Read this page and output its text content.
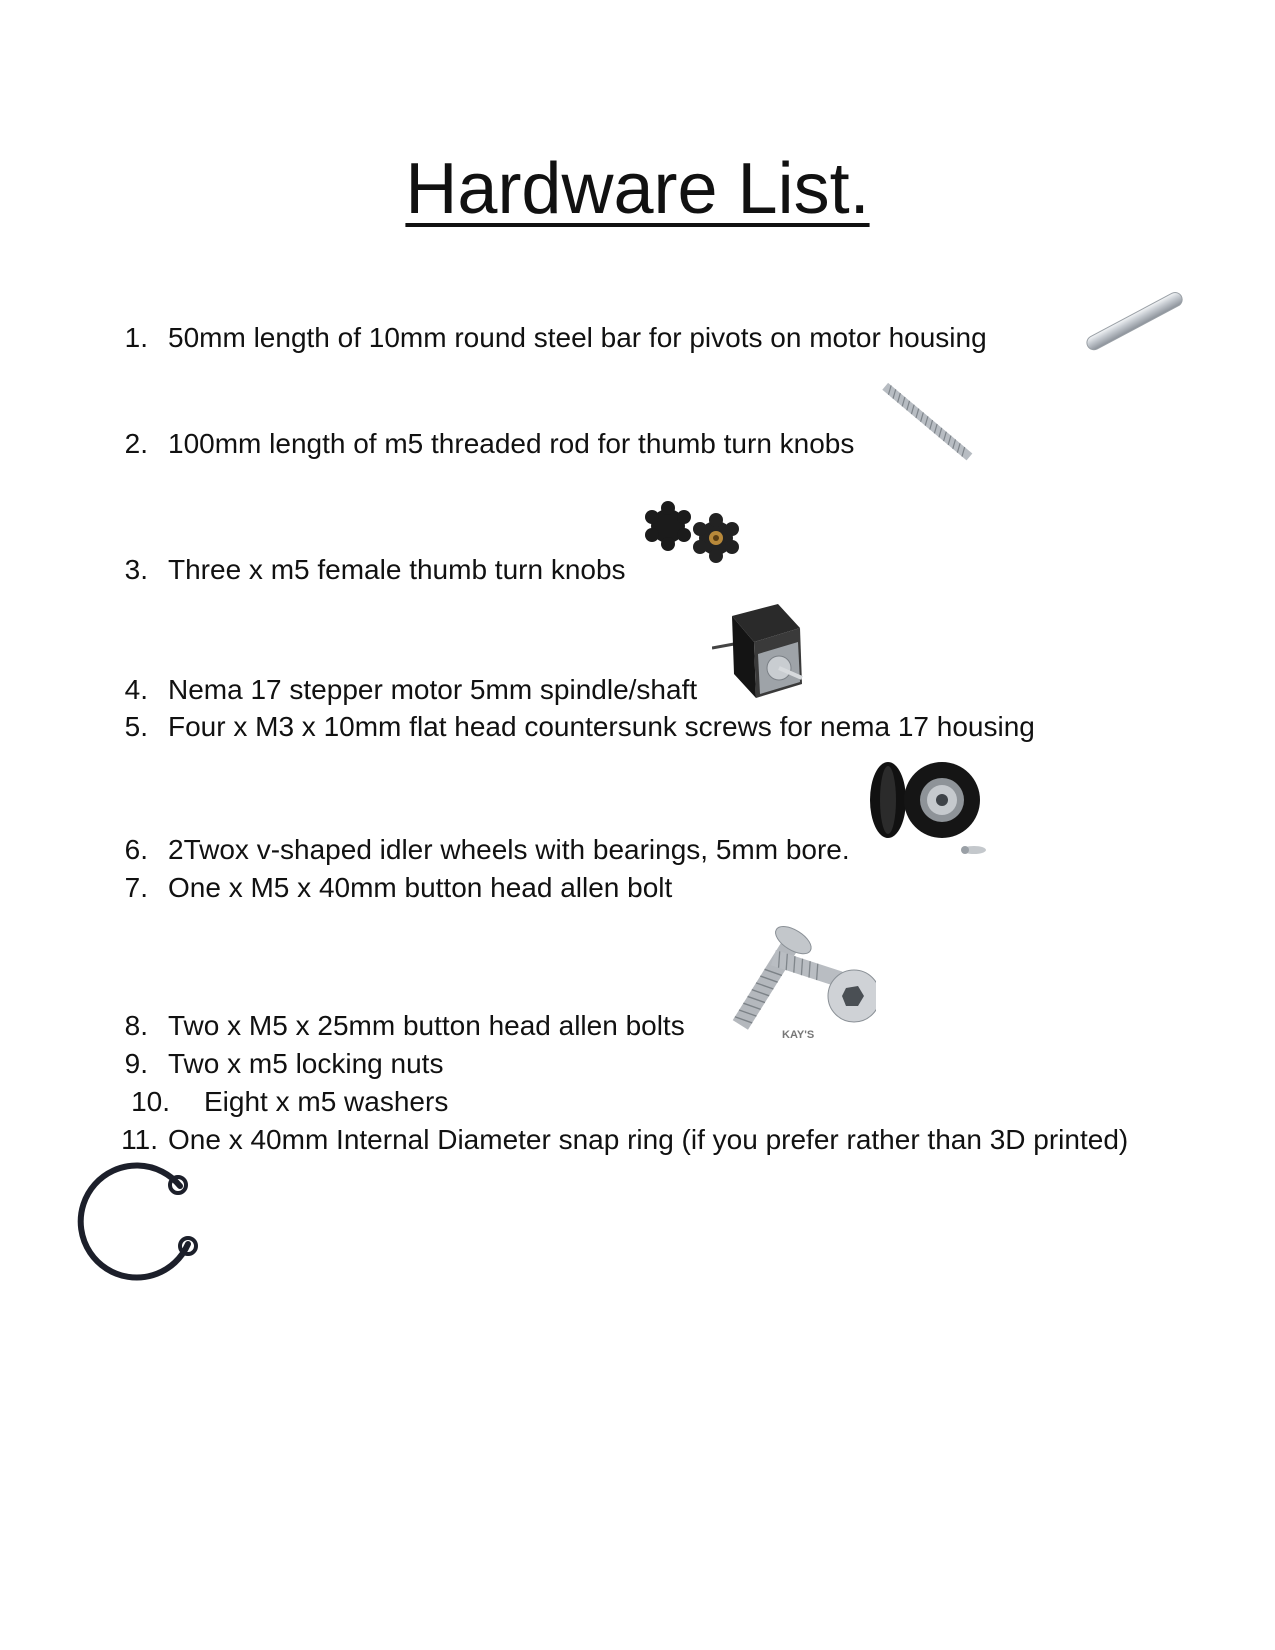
Hardware List.
1. 50mm length of 10mm round steel bar for pivots on motor housing
2. 100mm length of m5 threaded rod for thumb turn knobs
3. Three x m5 female thumb turn knobs
4. Nema 17 stepper motor 5mm spindle/shaft
5. Four x M3 x 10mm flat head countersunk screws for nema 17 housing
6. 2Twox v-shaped idler wheels with bearings, 5mm bore.
7. One x M5 x 40mm button head allen bolt
8. Two x M5 x 25mm button head allen bolts
9. Two x m5 locking nuts
10. Eight x m5 washers
11. One x 40mm Internal Diameter snap ring (if you prefer rather than 3D printed)
KAY'S
